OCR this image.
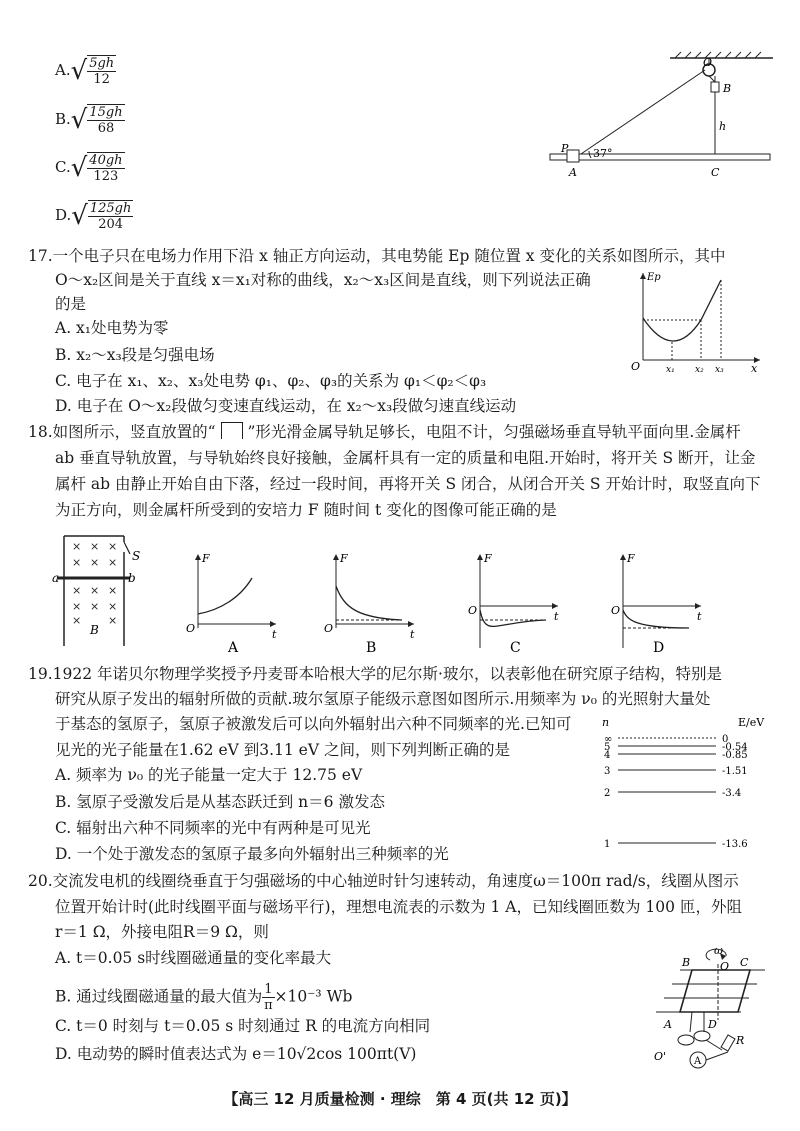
$A.√ \frac{5gh}{12}$
$B.√ \frac{15gh}{68}$
$C.√ \frac{40gh}{123}$
$D.√ \frac{125gh}{204}$
O
B
h
P 37°
A	C
17.一个电子只在电场力作用下沿 x 轴正方向运动，其电势能 Ep 随位置 x 变化的关系如图所示，其中
O～x₂区间是关于直线 x＝x₁对称的曲线，x₂～x₃区间是直线，则下列说法正确
的是
A. x₁处电势为零
B. x₂～x₃段是匀强电场
C. 电子在 x₁、x₂、x₃处电势 φ₁、φ₂、φ₃的关系为 φ₁＜φ₂＜φ₃
D. 电子在 O～x₂段做匀变速直线运动，在 x₂～x₃段做匀速直线运动
Ep
O	x₁ x₂ x₃ x
18.如图所示，竖直放置的“  ”形光滑金属导轨足够长，电阻不计，匀强磁场垂直导轨平面向里.金属杆
ab 垂直导轨放置，与导轨始终良好接触，金属杆具有一定的质量和电阻.开始时，将开关 S 断开，让金
属杆 ab 由静止开始自由下落，经过一段时间，再将开关 S 闭合，从闭合开关 S 开始计时，取竖直向下
为正方向，则金属杆所受到的安培力 F 随时间 t 变化的图像可能正确的是
× × ×
× × ×
× × ×
× × ×
× ×
S
a	b
B
F
O	t
A
F
O	t
B
F
O	t
C
F
O	t
D
19.1922 年诺贝尔物理学奖授予丹麦哥本哈根大学的尼尔斯·玻尔，以表彰他在研究原子结构，特别是
研究从原子发出的辐射所做的贡献.玻尔氢原子能级示意图如图所示.用频率为 ν₀ 的光照射大量处
于基态的氢原子，氢原子被激发后可以向外辐射出六种不同频率的光.已知可
见光的光子能量在1.62 eV 到3.11 eV 之间，则下列判断正确的是
A. 频率为 ν₀ 的光子能量一定大于 12.75 eV
B. 氢原子受激发后是从基态跃迁到 n＝6 激发态
C. 辐射出六种不同频率的光中有两种是可见光
D. 一个处于激发态的氢原子最多向外辐射出三种频率的光
n	E/eV
∞	0
5	-0.54
4	-0.85
3	-1.51
2	-3.4
1	-13.6
20.交流发电机的线圈绕垂直于匀强磁场的中心轴逆时针匀速转动，角速度ω＝100π rad/s，线圈从图示
位置开始计时(此时线圈平面与磁场平行)，理想电流表的示数为 1 A，已知线圈匝数为 100 匝，外阻
r＝1 Ω，外接电阻R＝9 Ω，则
A. t＝0.05 s时线圈磁通量的变化率最大
B. 通过线圈磁通量的最大值为 $\frac{1}{\pi} \times 10^{-3}$ Wb
C. t＝0 时刻与 t＝0.05 s 时刻通过 R 的电流方向相同
D. 电动势的瞬时值表达式为 e＝10√2cos 100πt(V)
ω
B	O C
A	D
R
O'	A
【高三 12 月质量检测 · 理综　第 4 页(共 12 页)】
